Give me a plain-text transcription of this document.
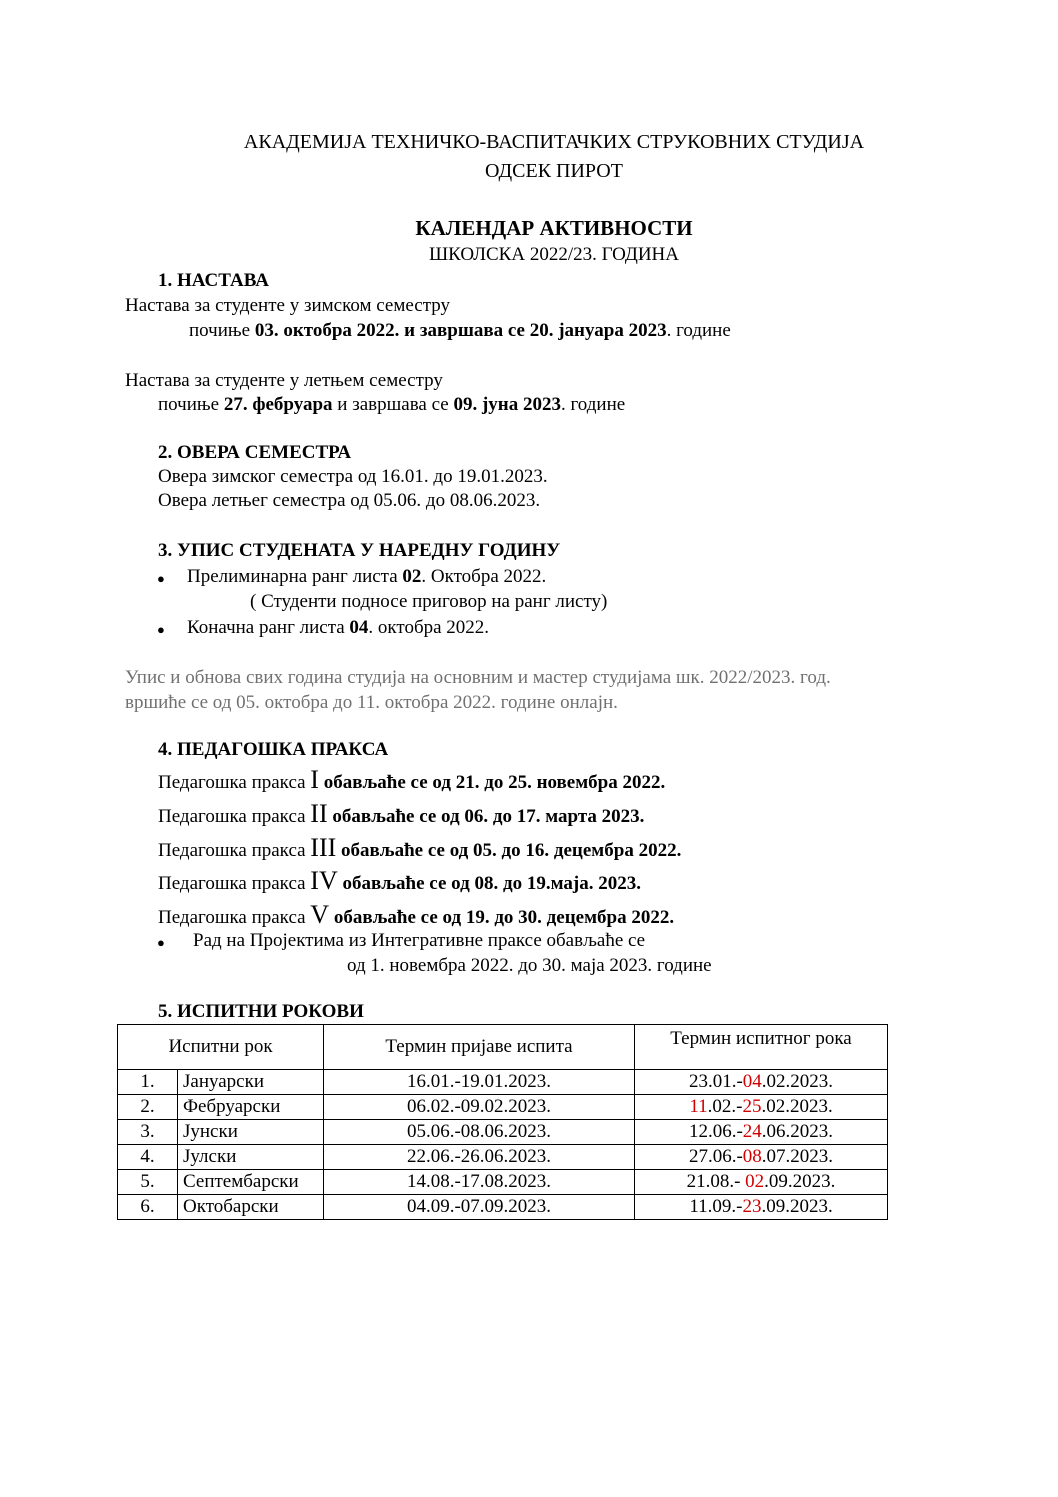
АКАДЕМИЈА ТЕХНИЧКО-ВАСПИТАЧКИХ СТРУКОВНИХ СТУДИЈА
ОДСЕК ПИРОТ
КАЛЕНДАР АКТИВНОСТИ
ШКОЛСКА 2022/23. ГОДИНА
1. НАСТАВА
Настава за студенте у зимском семестру
почиње 03. октобра 2022. и завршава се 20. јануара 2023. године
Настава за студенте у летњем семестру
почиње 27. фебруара и завршава се 09. јуна 2023. године
2. ОВЕРА СЕМЕСТРА
Овера зимског семестра од 16.01. до 19.01.2023.
Овера летњег семестра од 05.06. до 08.06.2023.
3. УПИС СТУДЕНАТА У НАРЕДНУ ГОДИНУ
● Прелиминарна ранг листа 02. Октобра 2022.
( Студенти подносе приговор на ранг листу)
● Коначна ранг листа 04. октобра 2022.
Упис и обнова свих година студија на основним и мастер студијама шк. 2022/2023. год.
вршиће се од 05. октобра до 11. октобра 2022. године онлајн.
4. ПЕДАГОШКА ПРАКСА
Педагошка пракса I обављаће се од 21. до 25. новембра 2022.
Педагошка пракса II обављаће се од 06. до 17. марта 2023.
Педагошка пракса III обављаће се од 05. до 16. децембра 2022.
Педагошка пракса IV обављаће се од 08. до 19.маја. 2023.
Педагошка пракса V обављаће се од 19. до 30. децембра 2022.
● Рад на Пројектима из Интегративне праксе обављаће се
од 1. новембра 2022. до 30. маја 2023. године
5. ИСПИТНИ РОКОВИ
Испитни рок		Термин пријаве испита	Термин испитног рока
1.	Јануарски	16.01.-19.01.2023.	23.01.-04.02.2023.
2.	Фебруарски	06.02.-09.02.2023.	11.02.-25.02.2023.
3.	Јунски	05.06.-08.06.2023.	12.06.-24.06.2023.
4.	Јулски	22.06.-26.06.2023.	27.06.-08.07.2023.
5.	Септембарски	14.08.-17.08.2023.	21.08.- 02.09.2023.
6.	Октобарски	04.09.-07.09.2023.	11.09.-23.09.2023.
